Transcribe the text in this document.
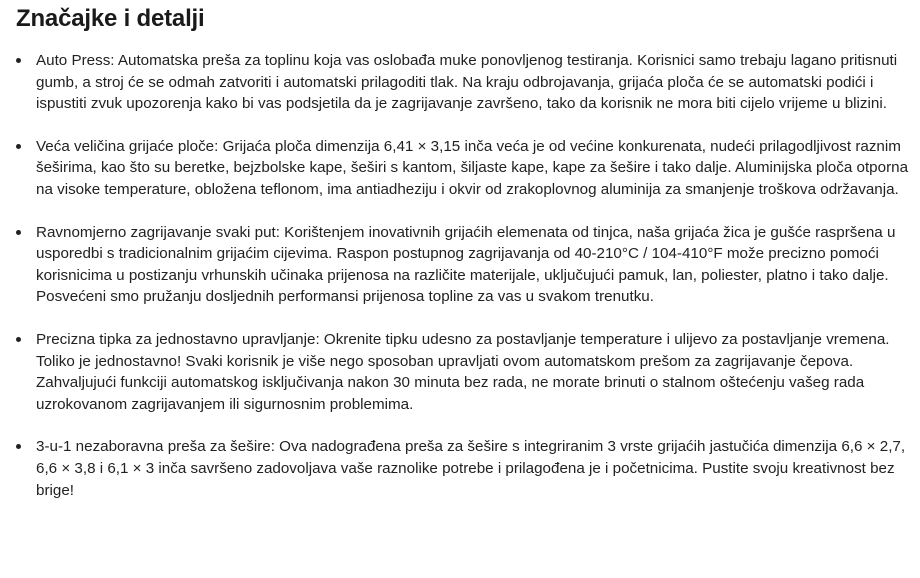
Značajke i detalji
Auto Press: Automatska preša za toplinu koja vas oslobađa muke ponovljenog testiranja. Korisnici samo trebaju lagano pritisnuti gumb, a stroj će se odmah zatvoriti i automatski prilagoditi tlak. Na kraju odbrojavanja, grijaća ploča će se automatski podići i ispustiti zvuk upozorenja kako bi vas podsjetila da je zagrijavanje završeno, tako da korisnik ne mora biti cijelo vrijeme u blizini.
Veća veličina grijaće ploče: Grijaća ploča dimenzija 6,41 × 3,15 inča veća je od većine konkurenata, nudeći prilagodljivost raznim šeširima, kao što su beretke, bejzbolske kape, šeširi s kantom, šiljaste kape, kape za šešire i tako dalje. Aluminijska ploča otporna na visoke temperature, obložena teflonom, ima antiadheziju i okvir od zrakoplovnog aluminija za smanjenje troškova održavanja.
Ravnomjerno zagrijavanje svaki put: Korištenjem inovativnih grijaćih elemenata od tinjca, naša grijaća žica je gušće raspršena u usporedbi s tradicionalnim grijaćim cijevima. Raspon postupnog zagrijavanja od 40-210°C / 104-410°F može precizno pomoći korisnicima u postizanju vrhunskih učinaka prijenosa na različite materijale, uključujući pamuk, lan, poliester, platno i tako dalje. Posvećeni smo pružanju dosljednih performansi prijenosa topline za vas u svakom trenutku.
Precizna tipka za jednostavno upravljanje: Okrenite tipku udesno za postavljanje temperature i ulijevo za postavljanje vremena. Toliko je jednostavno! Svaki korisnik je više nego sposoban upravljati ovom automatskom prešom za zagrijavanje čepova. Zahvaljujući funkciji automatskog isključivanja nakon 30 minuta bez rada, ne morate brinuti o stalnom oštećenju vašeg rada uzrokovanom zagrijavanjem ili sigurnosnim problemima.
3-u-1 nezaboravna preša za šešire: Ova nadograđena preša za šešire s integriranim 3 vrste grijaćih jastučića dimenzija 6,6 × 2,7, 6,6 × 3,8 i 6,1 × 3 inča savršeno zadovoljava vaše raznolike potrebe i prilagođena je i početnicima. Pustite svoju kreativnost bez brige!
